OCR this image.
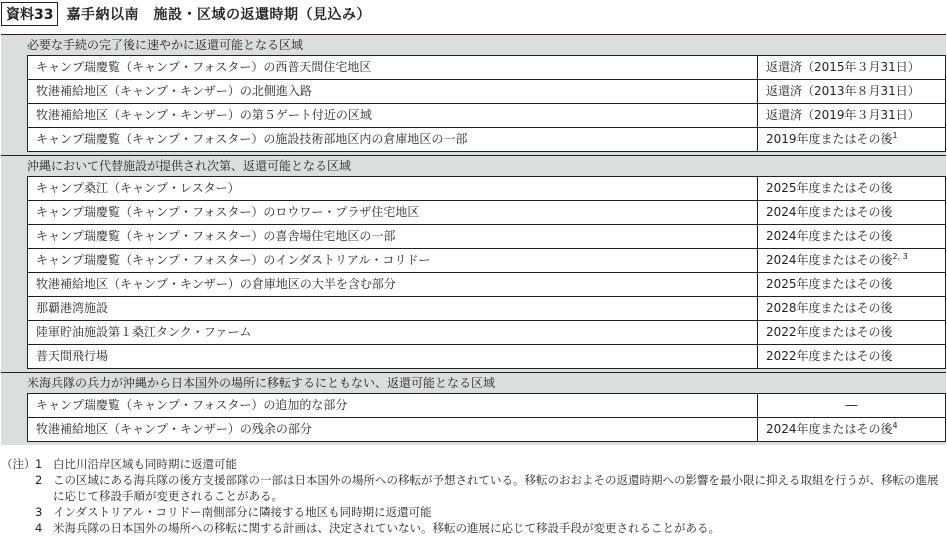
資料33 嘉手納以南　施設・区域の返還時期（見込み）
必要な手続の完了後に速やかに返還可能となる区域
キャンプ瑞慶覧（キャンプ・フォスター）の西普天間住宅地区	返還済（2015年３月31日）
牧港補給地区（キャンプ・キンザー）の北側進入路	返還済（2013年８月31日）
牧港補給地区（キャンプ・キンザー）の第５ゲート付近の区域	返還済（2019年３月31日）
キャンプ瑞慶覧（キャンプ・フォスター）の施設技術部地区内の倉庫地区の一部	2019年度またはその後$^1$
沖縄において代替施設が提供され次第、返還可能となる区域
キャンプ桑江（キャンプ・レスター）	2025年度またはその後
キャンプ瑞慶覧（キャンプ・フォスター）のロウワー・プラザ住宅地区	2024年度またはその後
キャンプ瑞慶覧（キャンプ・フォスター）の喜舎場住宅地区の一部	2024年度またはその後
キャンプ瑞慶覧（キャンプ・フォスター）のインダストリアル・コリドー	2024年度またはその後$^{2, 3}$
牧港補給地区（キャンプ・キンザー）の倉庫地区の大半を含む部分	2025年度またはその後
那覇港湾施設	2028年度またはその後
陸軍貯油施設第１桑江タンク・ファーム	2022年度またはその後
普天間飛行場	2022年度またはその後
米海兵隊の兵力が沖縄から日本国外の場所に移転するにともない、返還可能となる区域
キャンプ瑞慶覧（キャンプ・フォスター）の追加的な部分	―
牧港補給地区（キャンプ・キンザー）の残余の部分	2024年度またはその後$^4$
（注） 1 白比川沿岸区域も同時期に返還可能
2 この区域にある海兵隊の後方支援部隊の一部は日本国外の場所への移転が予想されている。移転のおおよその返還時期への影響を最小限に抑える取組を行うが、移転の進展に応じて移設手順が変更されることがある。
3 インダストリアル・コリドー南側部分に隣接する地区も同時期に返還可能
4 米海兵隊の日本国外の場所への移転に関する計画は、決定されていない。移転の進展に応じて移設手段が変更されることがある。
